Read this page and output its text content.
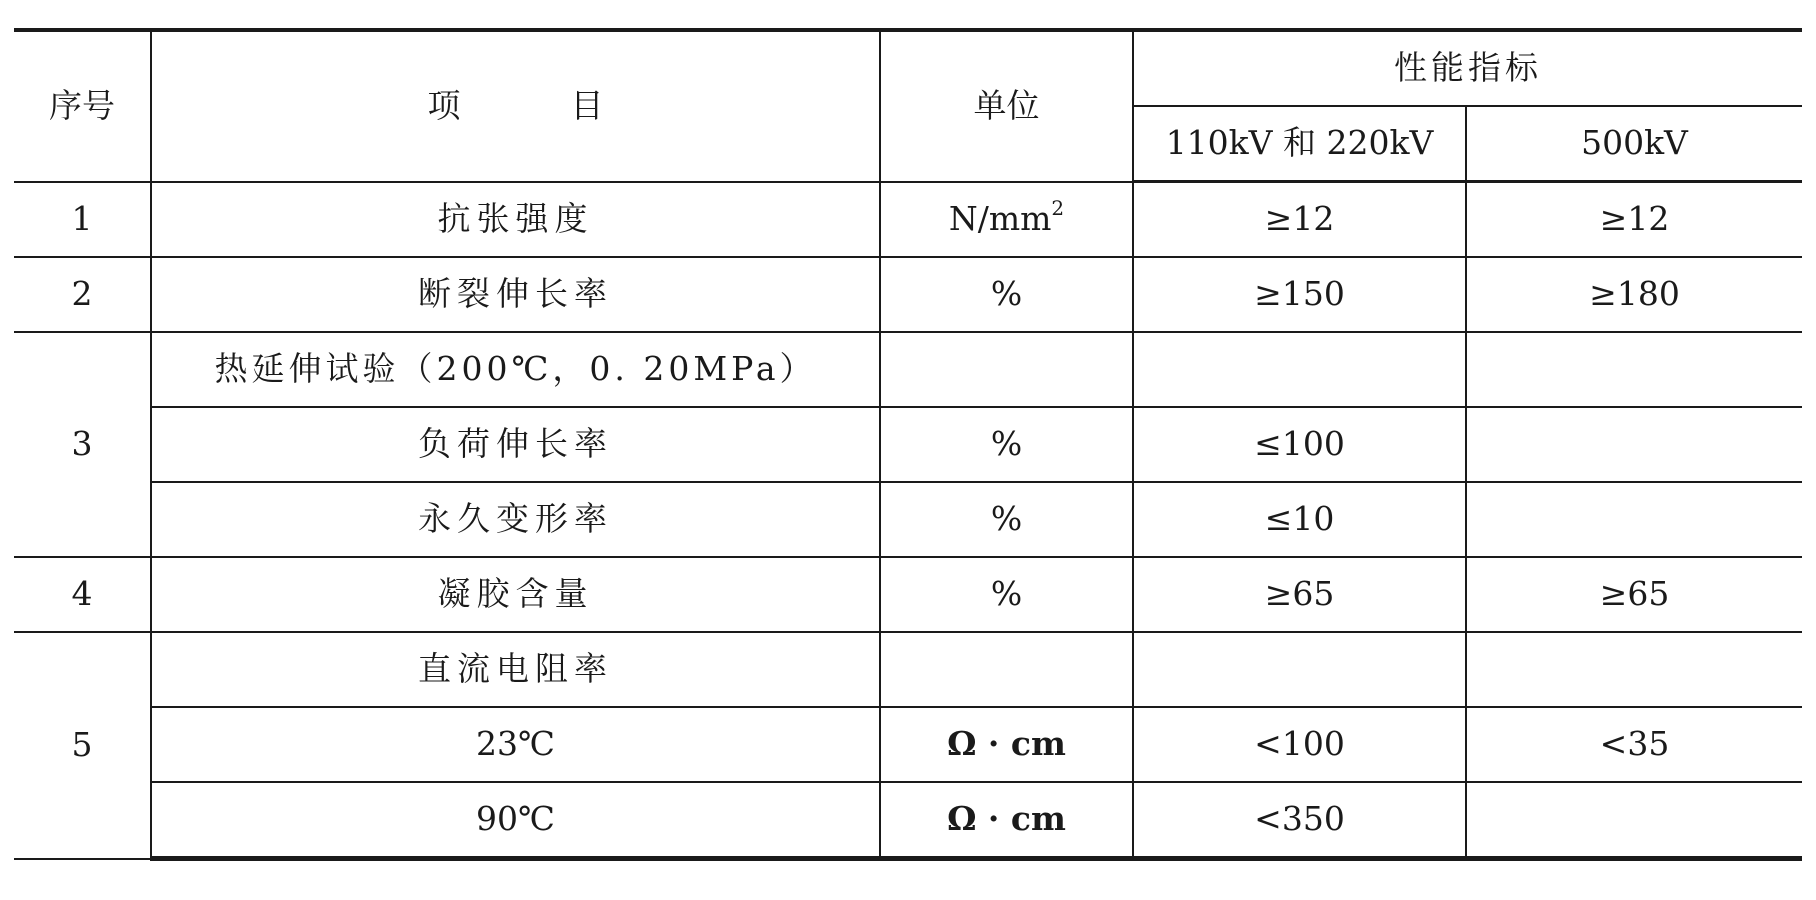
序号	项 目	单位	性能指标	
			110kV 和 220kV	500kV
1	抗张强度	$N/mm^2$	≥12	≥12
2	断裂伸长率	%	≥150	≥180
3	热延伸试验（200℃，0. 20MPa）			
	负荷伸长率	%	≤100	
	永久变形率	%	≤10	
4	凝胶含量	%	≥65	≥65
5	直流电阻率			
	23℃	Ω · cm	<100	<35
	90℃	Ω · cm	<350	
